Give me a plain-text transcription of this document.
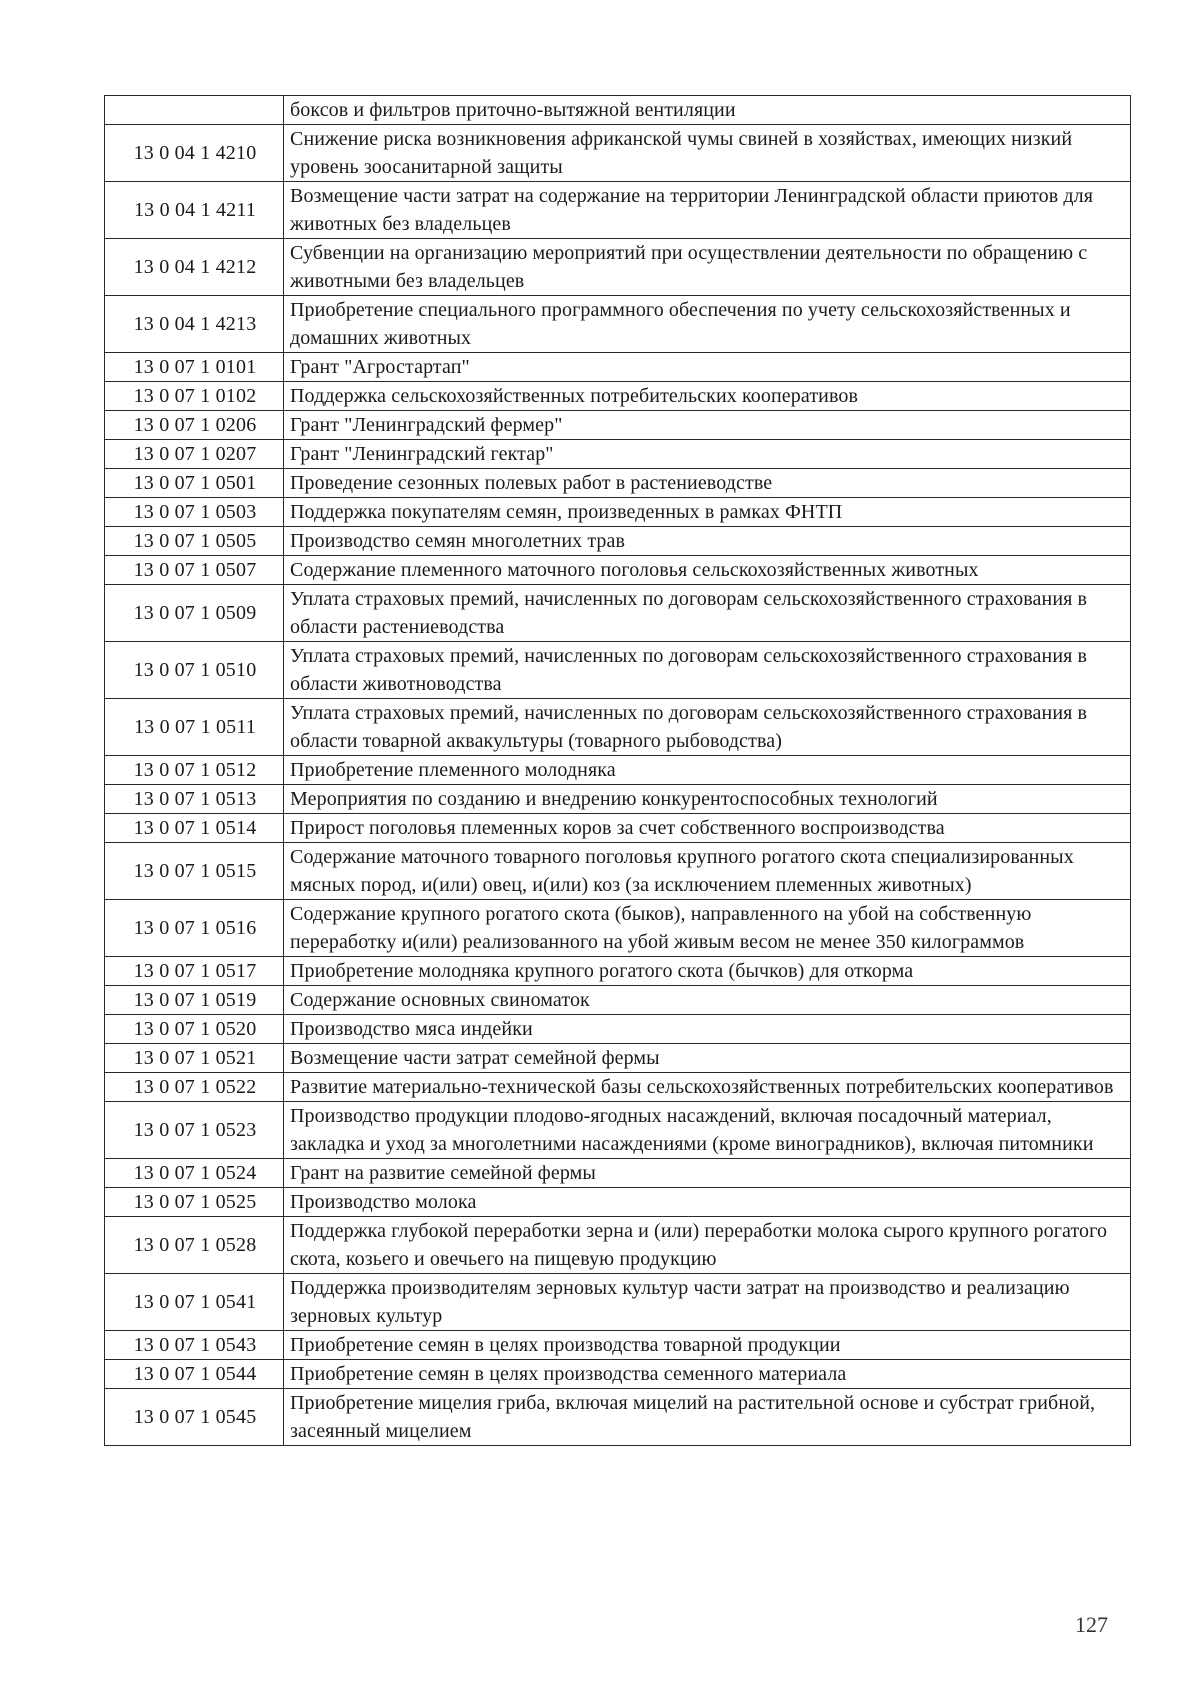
	боксов и фильтров приточно-вытяжной вентиляции
13 0 04 1 4210	Снижение риска возникновения африканской чумы свиней в хозяйствах, имеющих низкий уровень зоосанитарной защиты
13 0 04 1 4211	Возмещение части затрат на содержание на территории Ленинградской области приютов для животных без владельцев
13 0 04 1 4212	Субвенции на организацию мероприятий при осуществлении деятельности по обращению с животными без владельцев
13 0 04 1 4213	Приобретение специального программного обеспечения по учету сельскохозяйственных и домашних животных
13 0 07 1 0101	Грант "Агростартап"
13 0 07 1 0102	Поддержка сельскохозяйственных потребительских кооперативов
13 0 07 1 0206	Грант "Ленинградский фермер"
13 0 07 1 0207	Грант "Ленинградский гектар"
13 0 07 1 0501	Проведение сезонных полевых работ в растениеводстве
13 0 07 1 0503	Поддержка покупателям семян, произведенных в рамках ФНТП
13 0 07 1 0505	Производство семян многолетних трав
13 0 07 1 0507	Содержание племенного маточного поголовья сельскохозяйственных животных
13 0 07 1 0509	Уплата страховых премий, начисленных по договорам сельскохозяйственного страхования в области растениеводства
13 0 07 1 0510	Уплата страховых премий, начисленных по договорам сельскохозяйственного страхования в области животноводства
13 0 07 1 0511	Уплата страховых премий, начисленных по договорам сельскохозяйственного страхования в области товарной аквакультуры (товарного рыбоводства)
13 0 07 1 0512	Приобретение племенного молодняка
13 0 07 1 0513	Мероприятия по созданию и внедрению конкурентоспособных технологий
13 0 07 1 0514	Прирост поголовья племенных коров за счет собственного воспроизводства
13 0 07 1 0515	Содержание маточного товарного поголовья крупного рогатого скота специализированных мясных пород, и(или) овец, и(или) коз (за исключением племенных животных)
13 0 07 1 0516	Содержание крупного рогатого скота (быков), направленного на убой на собственную переработку и(или) реализованного на убой живым весом не менее 350 килограммов
13 0 07 1 0517	Приобретение молодняка крупного рогатого скота (бычков) для откорма
13 0 07 1 0519	Содержание основных свиноматок
13 0 07 1 0520	Производство мяса индейки
13 0 07 1 0521	Возмещение части затрат семейной фермы
13 0 07 1 0522	Развитие материально-технической базы сельскохозяйственных потребительских кооперативов
13 0 07 1 0523	Производство продукции плодово-ягодных насаждений, включая посадочный материал, закладка и уход за многолетними насаждениями (кроме виноградников), включая питомники
13 0 07 1 0524	Грант на развитие семейной фермы
13 0 07 1 0525	Производство молока
13 0 07 1 0528	Поддержка глубокой переработки зерна и (или) переработки молока сырого крупного рогатого скота, козьего и овечьего на пищевую продукцию
13 0 07 1 0541	Поддержка производителям зерновых культур части затрат на производство и реализацию зерновых культур
13 0 07 1 0543	Приобретение семян в целях производства товарной продукции
13 0 07 1 0544	Приобретение семян в целях производства семенного материала
13 0 07 1 0545	Приобретение мицелия гриба, включая мицелий на растительной основе и субстрат грибной, засеянный мицелием
127
